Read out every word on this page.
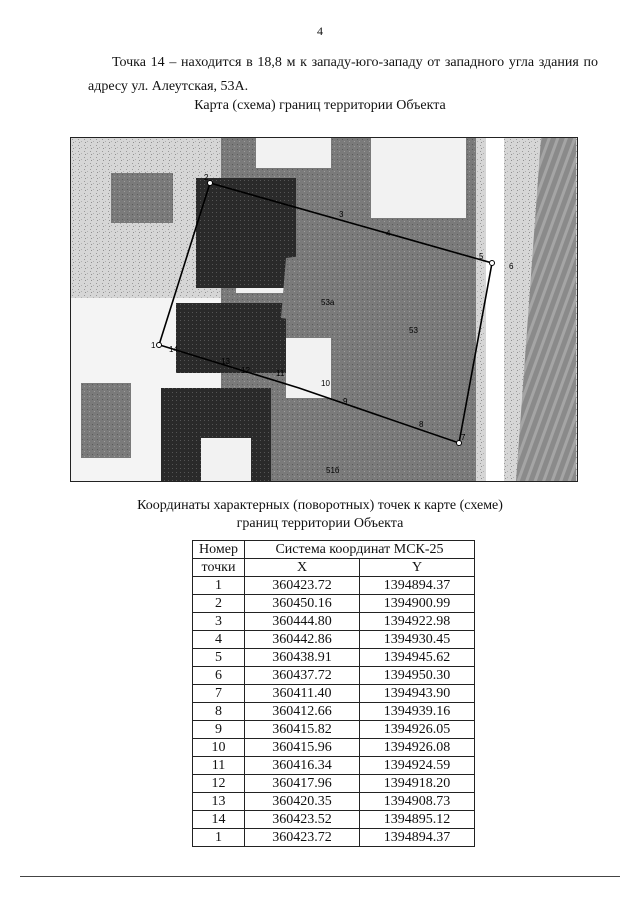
4
Точка 14 – находится в 18,8 м к западу-юго-западу от западного угла здания по адресу ул. Алеутская, 53А.
Карта (схема) границ территории Объекта
1
2
3
4
5
6
7
8
9
10
11
12
13
14
53а
53
51б
Координаты характерных (поворотных) точек к карте (схеме)
границ территории Объекта
Номер	Система координат МСК-25	
точки	X	Y
1	360423.72	1394894.37
2	360450.16	1394900.99
3	360444.80	1394922.98
4	360442.86	1394930.45
5	360438.91	1394945.62
6	360437.72	1394950.30
7	360411.40	1394943.90
8	360412.66	1394939.16
9	360415.82	1394926.05
10	360415.96	1394926.08
11	360416.34	1394924.59
12	360417.96	1394918.20
13	360420.35	1394908.73
14	360423.52	1394895.12
1	360423.72	1394894.37
